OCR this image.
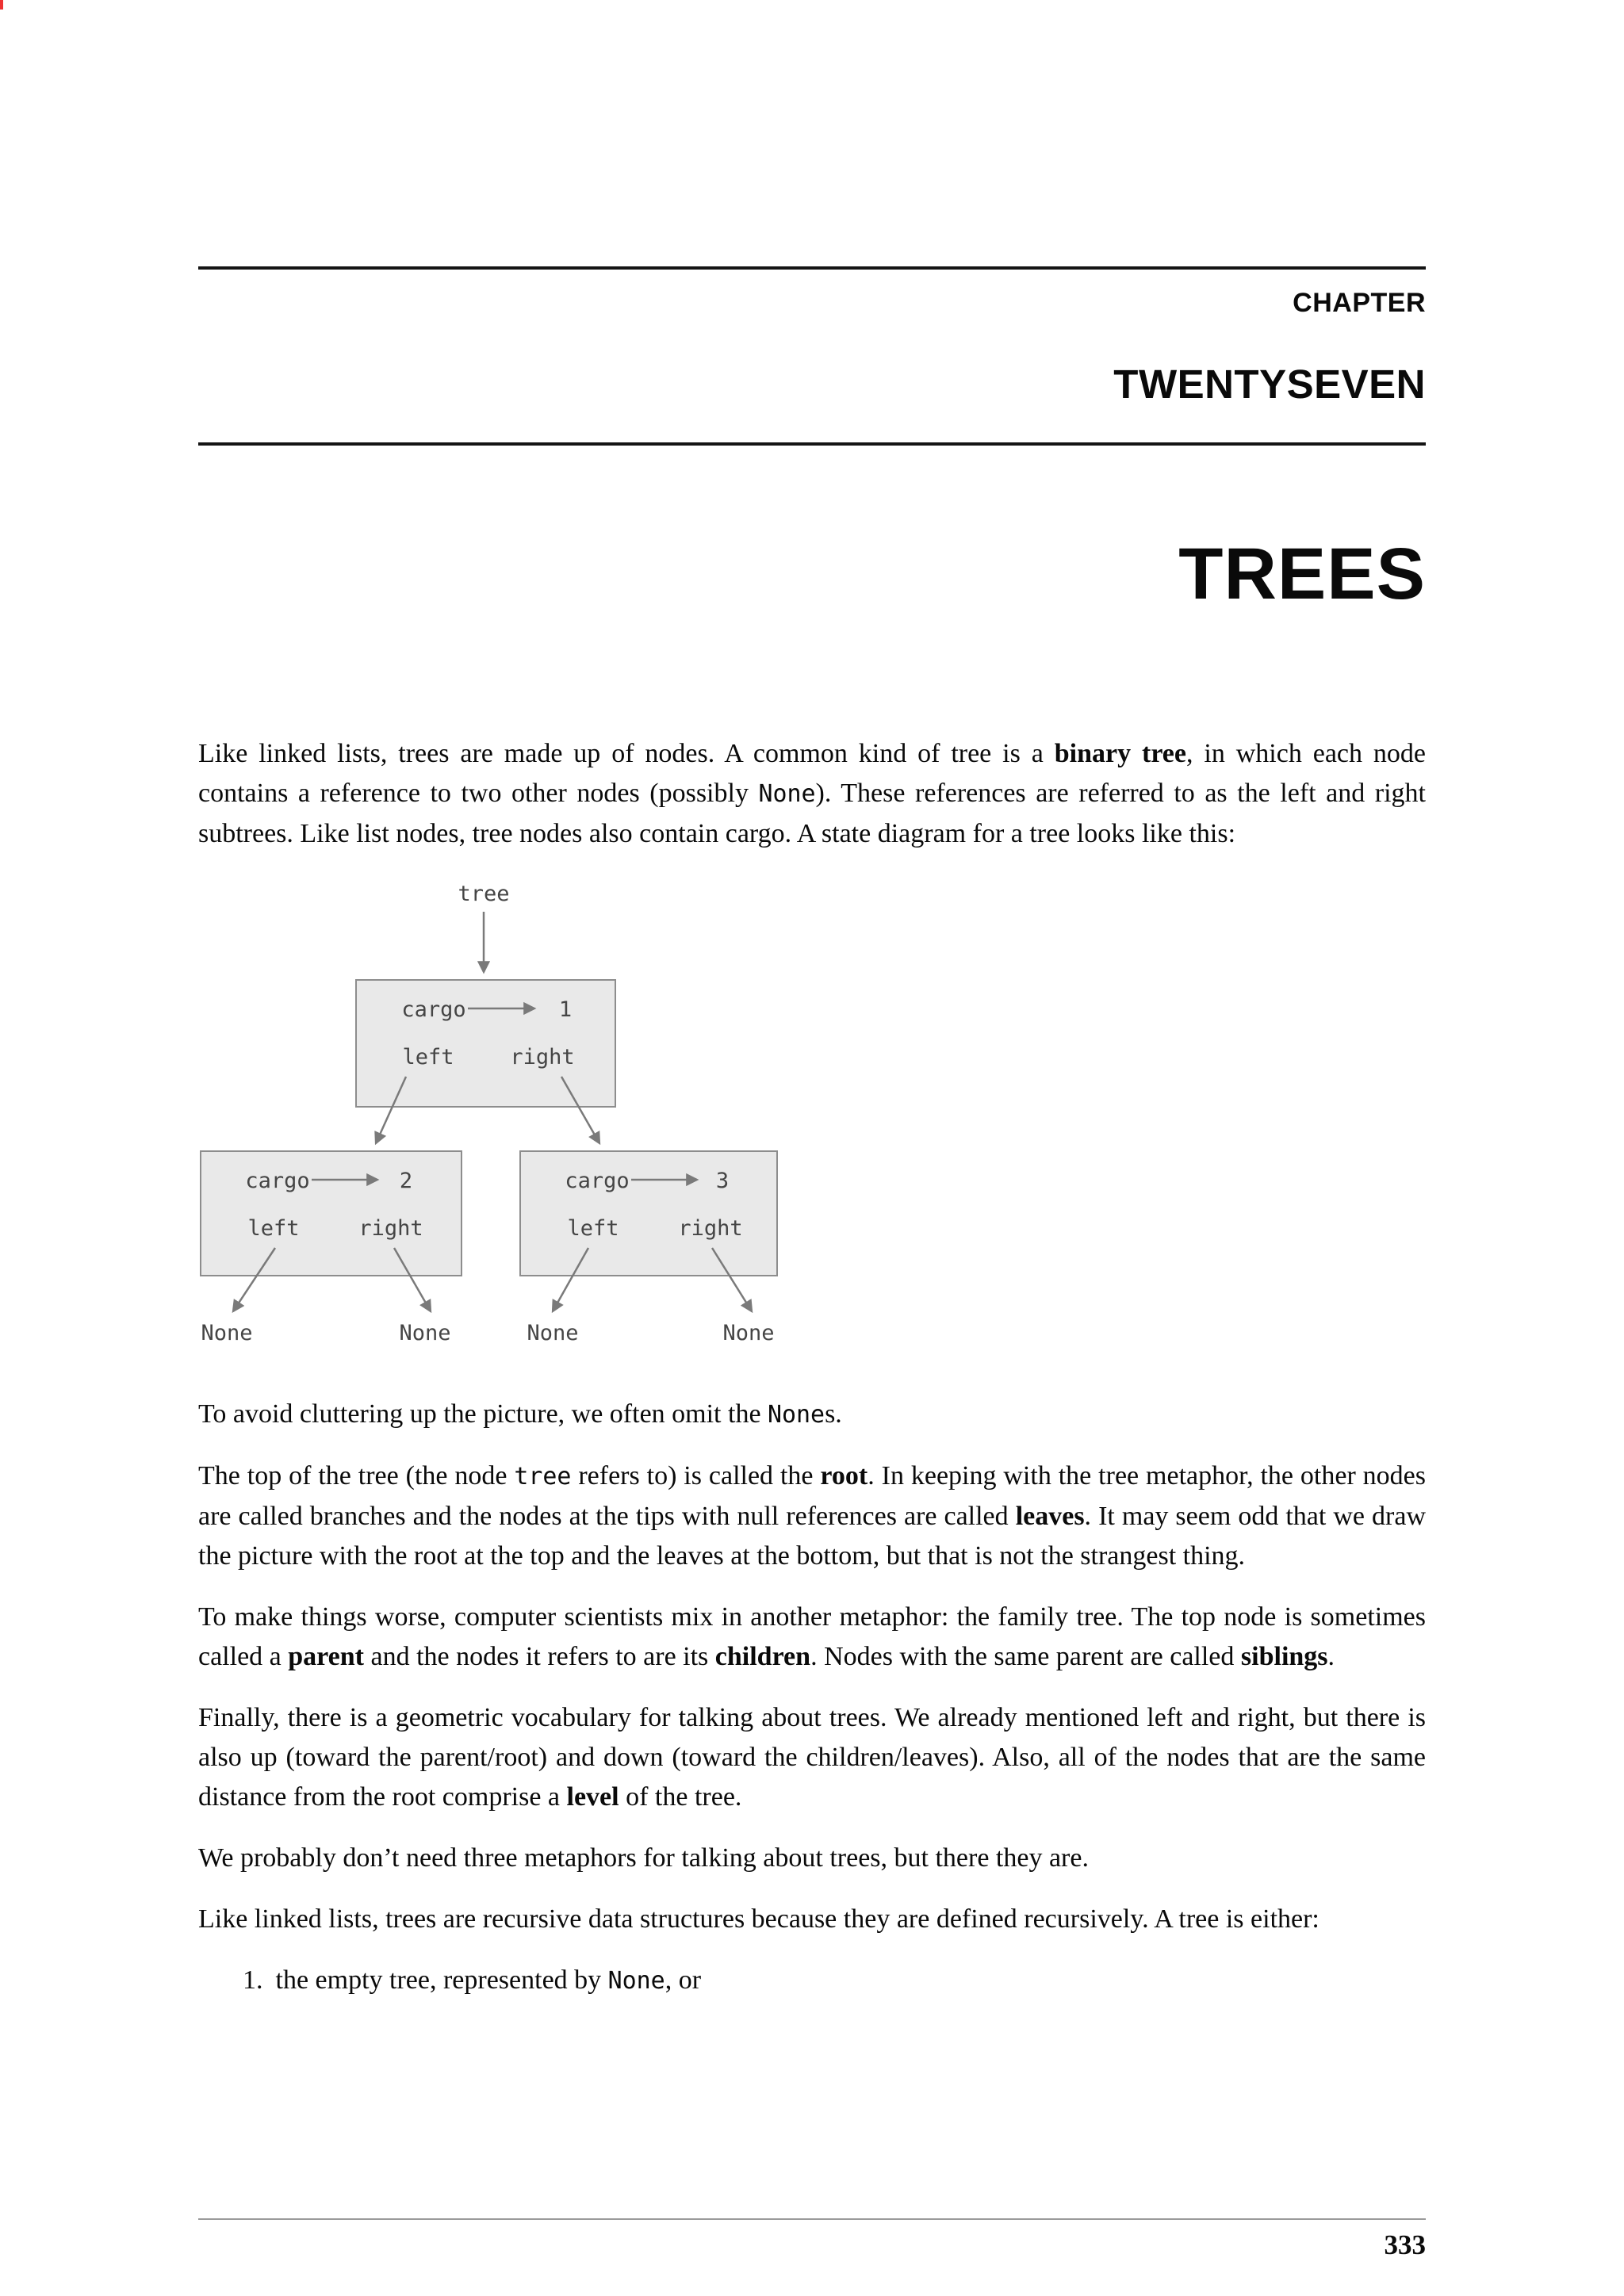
CHAPTER
TWENTYSEVEN
TREES

Like linked lists, trees are made up of nodes. A common kind of tree is a binary tree, in which each node contains a reference to two other nodes (possibly None). These references are referred to as the left and right subtrees. Like list nodes, tree nodes also contain cargo. A state diagram for a tree looks like this:

tree
cargo	1
left	right
cargo	2
left	right
cargo	3
left	right
None	None	None	None

To avoid cluttering up the picture, we often omit the Nones.

The top of the tree (the node tree refers to) is called the root. In keeping with the tree metaphor, the other nodes are called branches and the nodes at the tips with null references are called leaves. It may seem odd that we draw the picture with the root at the top and the leaves at the bottom, but that is not the strangest thing.

To make things worse, computer scientists mix in another metaphor: the family tree. The top node is sometimes called a parent and the nodes it refers to are its children. Nodes with the same parent are called siblings.

Finally, there is a geometric vocabulary for talking about trees. We already mentioned left and right, but there is also up (toward the parent/root) and down (toward the children/leaves). Also, all of the nodes that are the same distance from the root comprise a level of the tree.

We probably don’t need three metaphors for talking about trees, but there they are.

Like linked lists, trees are recursive data structures because they are defined recursively. A tree is either:

1. the empty tree, represented by None, or
333
